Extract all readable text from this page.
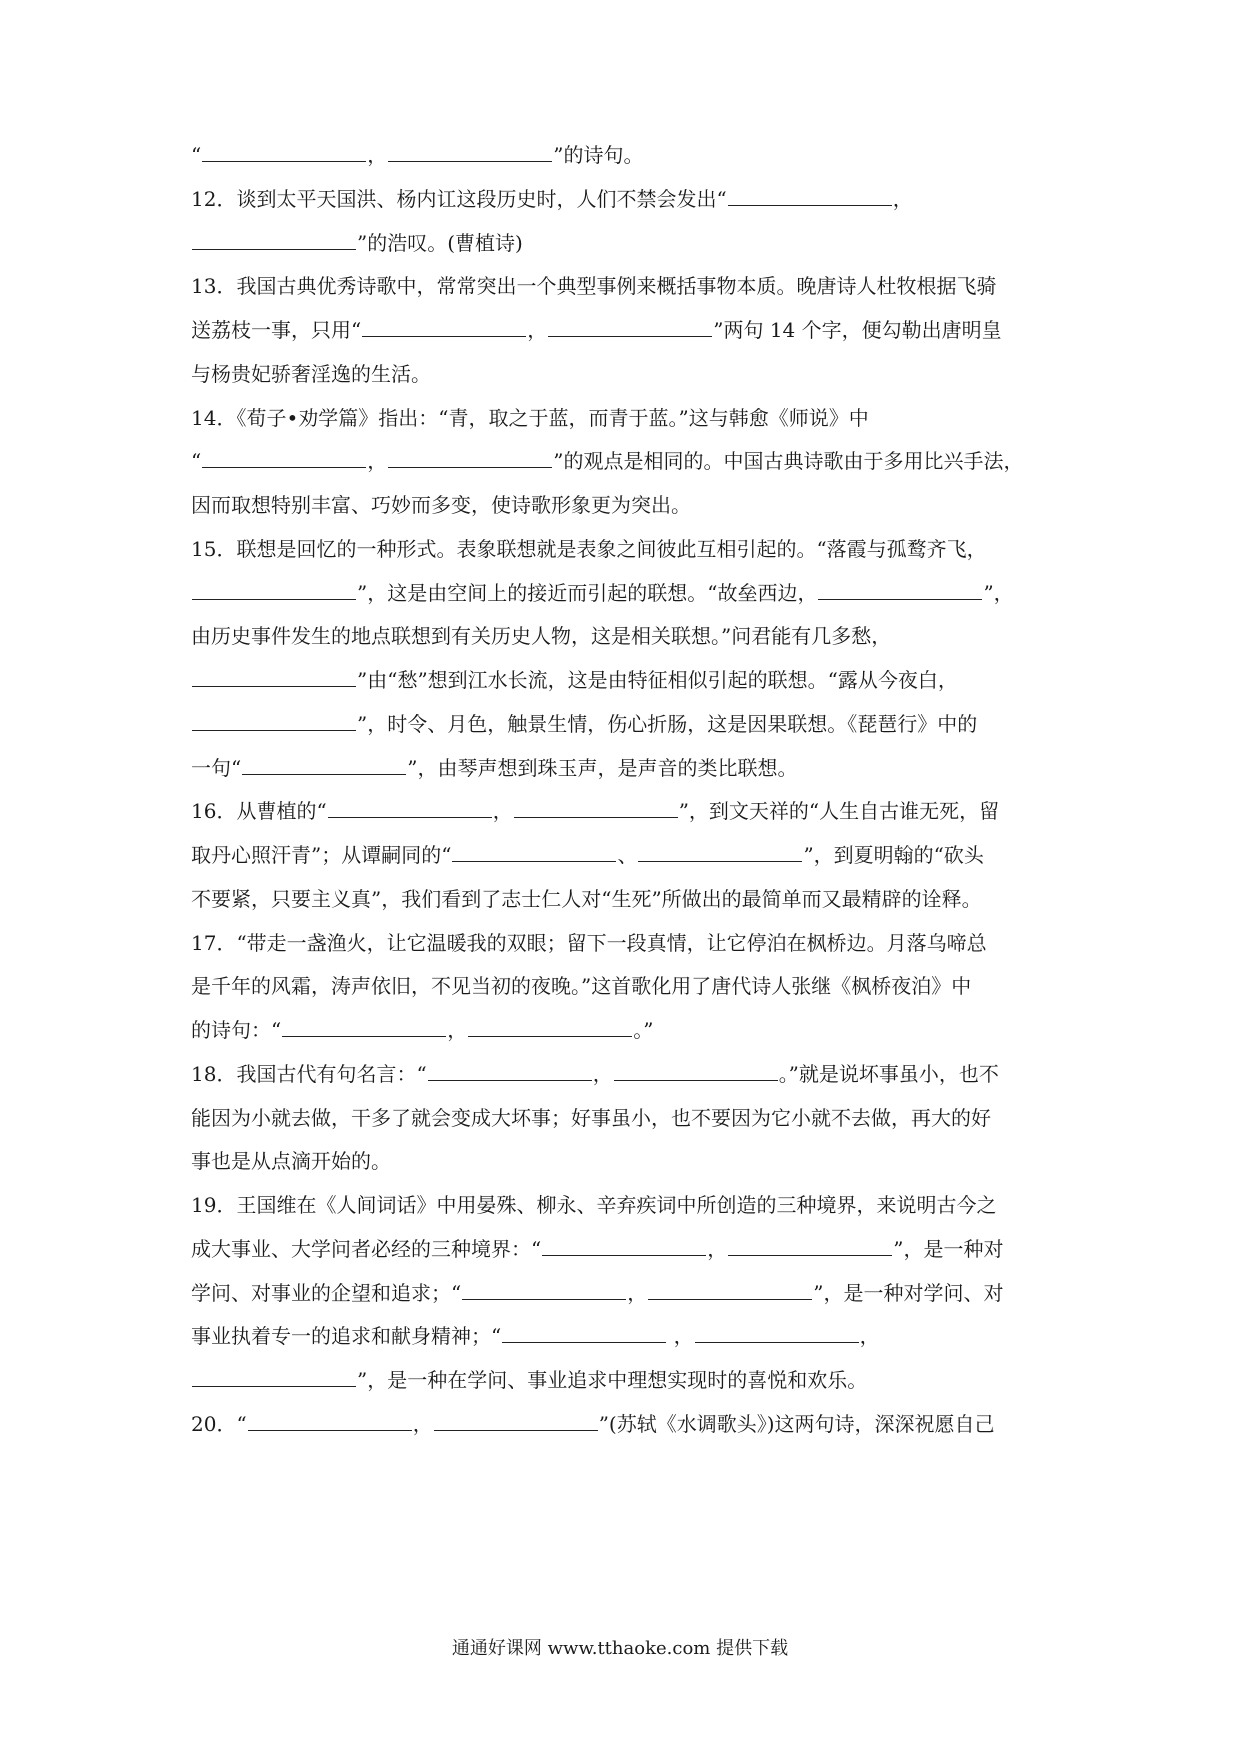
“	，	”的诗句。
12．谈到太平天国洪、杨内讧这段历史时，人们不禁会发出“	，
”的浩叹。(曹植诗)
13．我国古典优秀诗歌中，常常突出一个典型事例来概括事物本质。晚唐诗人杜牧根据飞骑
送荔枝一事，只用“	，	”两句 14 个字，便勾勒出唐明皇
与杨贵妃骄奢淫逸的生活。
14．《荀子•劝学篇》指出：“青，取之于蓝，而青于蓝。”这与韩愈《师说》中
“	，	”的观点是相同的。中国古典诗歌由于多用比兴手法，
因而取想特别丰富、巧妙而多变，使诗歌形象更为突出。
15．联想是回忆的一种形式。表象联想就是表象之间彼此互相引起的。“落霞与孤鹜齐飞，
”，这是由空间上的接近而引起的联想。“故垒西边，	”，
由历史事件发生的地点联想到有关历史人物，这是相关联想。”问君能有几多愁，
”由“愁”想到江水长流，这是由特征相似引起的联想。“露从今夜白，
”，时令、月色，触景生情，伤心折肠，这是因果联想。《琵琶行》中的
一句“	”，由琴声想到珠玉声，是声音的类比联想。
16．从曹植的“	，	”，到文天祥的“人生自古谁无死，留
取丹心照汗青”；从谭嗣同的“	、	”，到夏明翰的“砍头
不要紧，只要主义真”，我们看到了志士仁人对“生死”所做出的最简单而又最精辟的诠释。
17．“带走一盏渔火，让它温暖我的双眼；留下一段真情，让它停泊在枫桥边。月落乌啼总
是千年的风霜，涛声依旧，不见当初的夜晚。”这首歌化用了唐代诗人张继《枫桥夜泊》中
的诗句：“	，	。”
18．我国古代有句名言：“	，	。”就是说坏事虽小，也不
能因为小就去做，干多了就会变成大坏事；好事虽小，也不要因为它小就不去做，再大的好
事也是从点滴开始的。
19．王国维在《人间词话》中用晏殊、柳永、辛弃疾词中所创造的三种境界，来说明古今之
成大事业、大学问者必经的三种境界：“	，	”，是一种对
学问、对事业的企望和追求；“	，	”，是一种对学问、对
事业执着专一的追求和献身精神；“	，	，
”，是一种在学问、事业追求中理想实现时的喜悦和欢乐。
20．“	，	”(苏轼《水调歌头》)这两句诗，深深祝愿自己
通通好课网 www.tthaoke.com 提供下载
